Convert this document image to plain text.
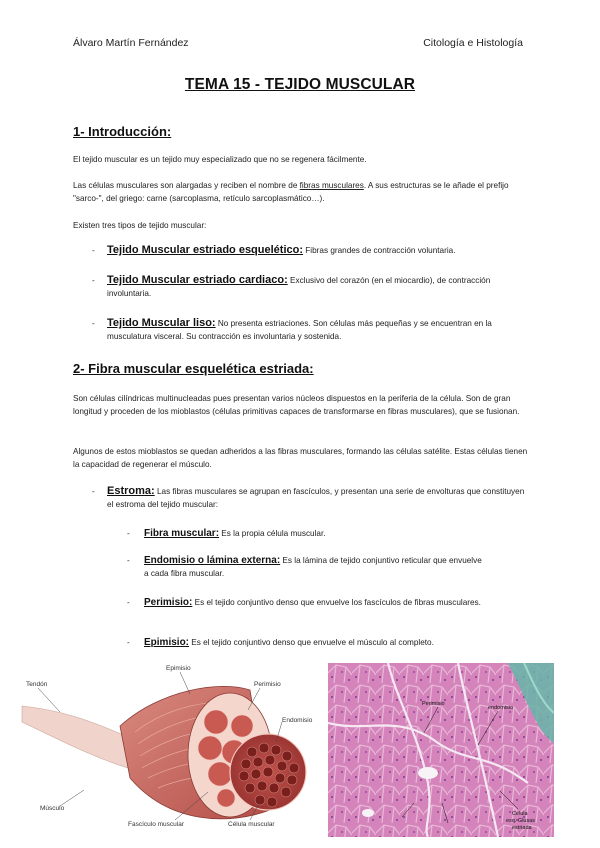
Álvaro Martín Fernández	Citología e Histología
TEMA 15 - TEJIDO MUSCULAR
1- Introducción:
El tejido muscular es un tejido muy especializado que no se regenera fácilmente.
Las células musculares son alargadas y reciben el nombre de fibras musculares. A sus estructuras se le añade el prefijo "sarco-", del griego: carne (sarcoplasma, retículo sarcoplasmático…).
Existen tres tipos de tejido muscular:
- Tejido Muscular estriado esquelético: Fibras grandes de contracción voluntaria.
- Tejido Muscular estriado cardiaco: Exclusivo del corazón (en el miocardio), de contracción involuntaria.
- Tejido Muscular liso: No presenta estriaciones. Son células más pequeñas y se encuentran en la musculatura visceral. Su contracción es involuntaria y sostenida.
2- Fibra muscular esquelética estriada:
Son células cilíndricas multinucleadas pues presentan varios núcleos dispuestos en la periferia de la célula. Son de gran longitud y proceden de los mioblastos (células primitivas capaces de transformarse en fibras musculares), que se fusionan.
Algunos de estos mioblastos se quedan adheridos a las fibras musculares, formando las células satélite. Estas células tienen la capacidad de regenerar el músculo.
- Estroma: Las fibras musculares se agrupan en fascículos, y presentan una serie de envolturas que constituyen el estroma del tejido muscular:
- Fibra muscular: Es la propia célula muscular.
- Endomisio o lámina externa: Es la lámina de tejido conjuntivo reticular que envuelve a cada fibra muscular.
- Perimisio: Es el tejido conjuntivo denso que envuelve los fascículos de fibras musculares.
- Epimisio: Es el tejido conjuntivo denso que envuelve el músculo al completo.
Tendón
Epimisio
Perimisio
Endomisio
Músculo
Fascículo muscular	Célula muscular
Perimisio
endomisio
Célula
esq. Glusas
estriada
